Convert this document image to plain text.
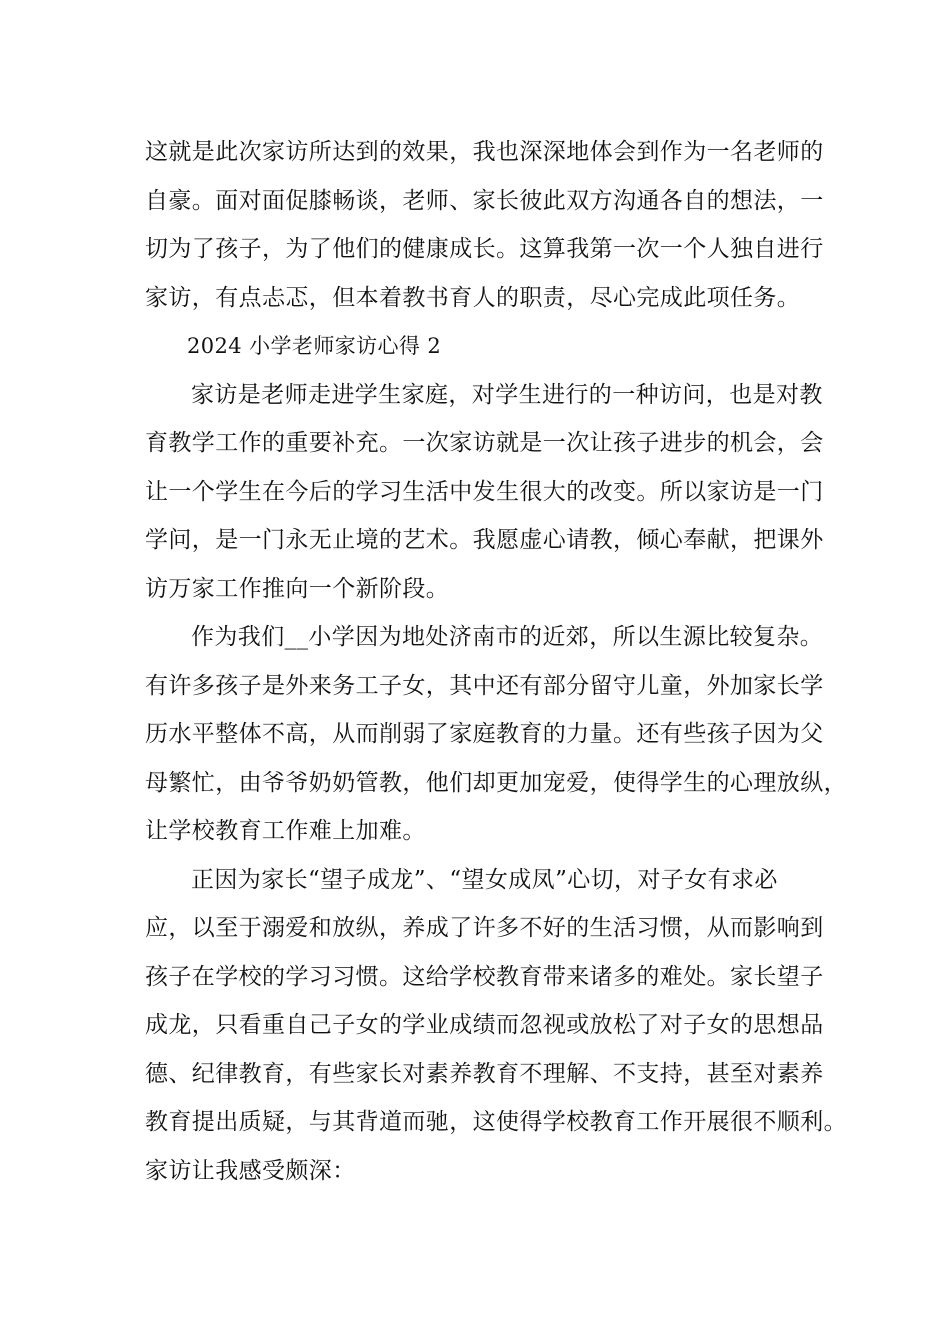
这就是此次家访所达到的效果，我也深深地体会到作为一名老师的
自豪。面对面促膝畅谈，老师、家长彼此双方沟通各自的想法，一
切为了孩子，为了他们的健康成长。这算我第一次一个人独自进行
家访，有点忐忑，但本着教书育人的职责，尽心完成此项任务。
2024 小学老师家访心得 2
家访是老师走进学生家庭，对学生进行的一种访问，也是对教
育教学工作的重要补充。一次家访就是一次让孩子进步的机会，会
让一个学生在今后的学习生活中发生很大的改变。所以家访是一门
学问，是一门永无止境的艺术。我愿虚心请教，倾心奉献，把课外
访万家工作推向一个新阶段。
作为我们__小学因为地处济南市的近郊，所以生源比较复杂。
有许多孩子是外来务工子女，其中还有部分留守儿童，外加家长学
历水平整体不高，从而削弱了家庭教育的力量。还有些孩子因为父
母繁忙，由爷爷奶奶管教，他们却更加宠爱，使得学生的心理放纵，
让学校教育工作难上加难。
正因为家长“望子成龙”、“望女成凤”心切，对子女有求必
应，以至于溺爱和放纵，养成了许多不好的生活习惯，从而影响到
孩子在学校的学习习惯。这给学校教育带来诸多的难处。家长望子
成龙，只看重自己子女的学业成绩而忽视或放松了对子女的思想品
德、纪律教育，有些家长对素养教育不理解、不支持，甚至对素养
教育提出质疑，与其背道而驰，这使得学校教育工作开展很不顺利。
家访让我感受颇深：
